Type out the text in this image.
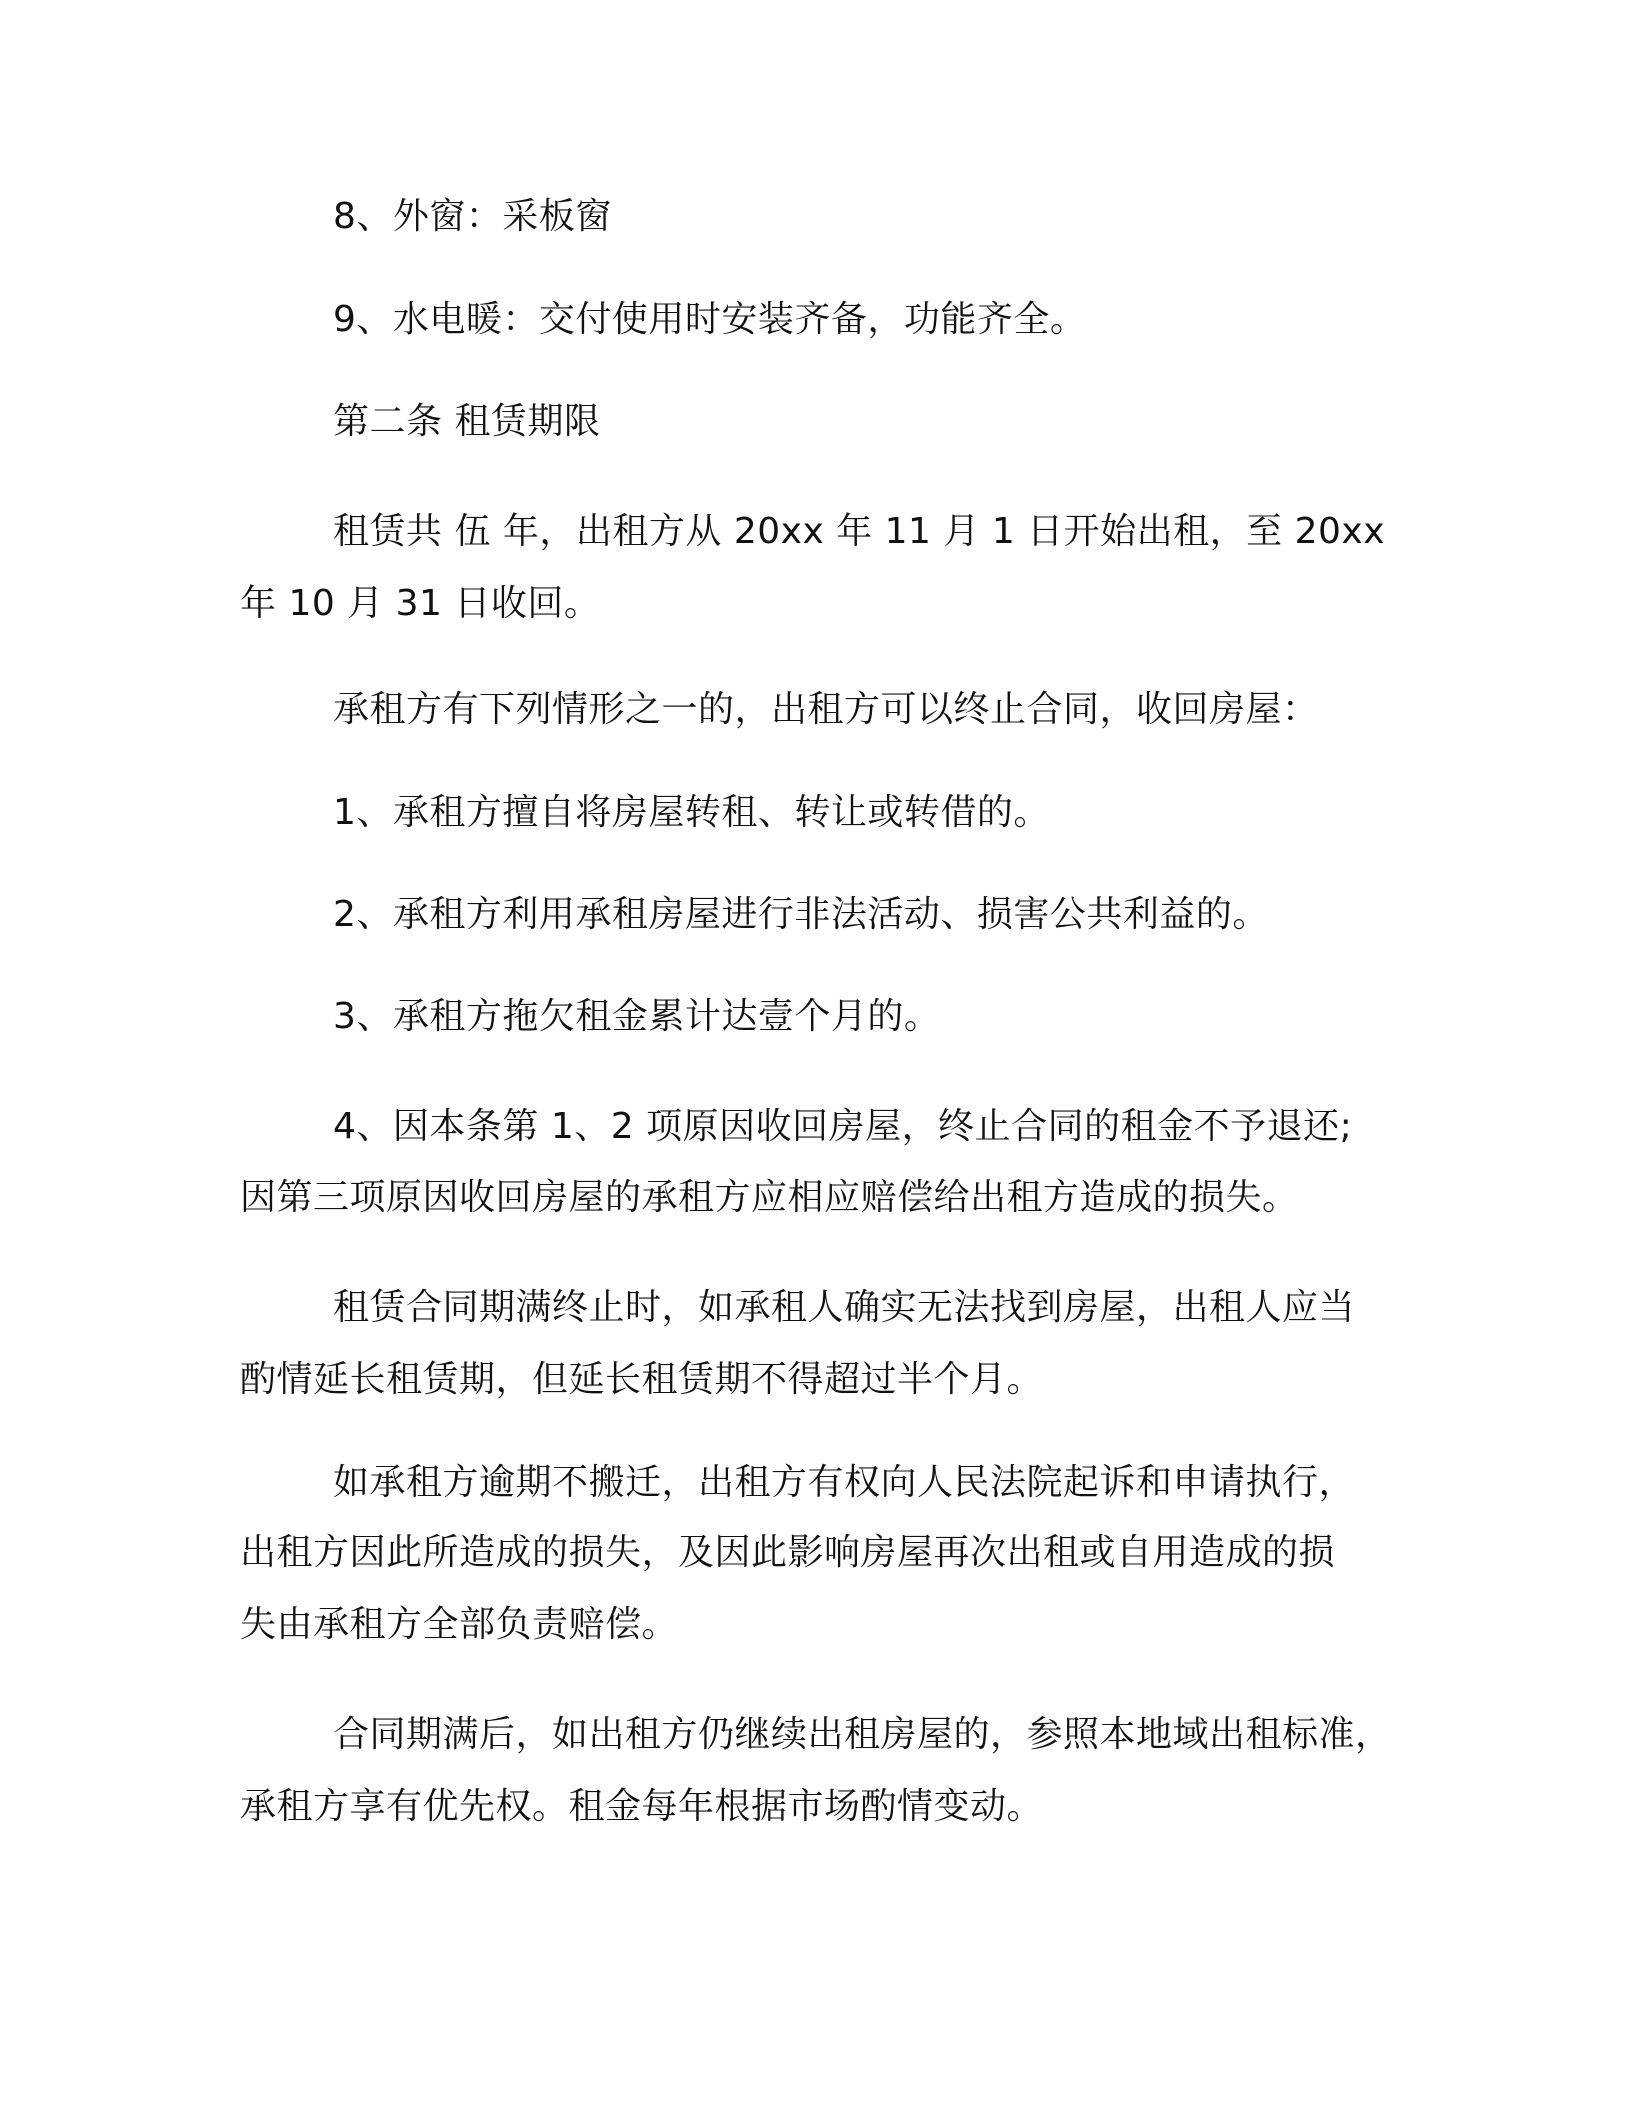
8、外窗：采板窗
9、水电暖：交付使用时安装齐备，功能齐全。
第二条 租赁期限
租赁共 伍 年，出租方从 20xx 年 11 月 1 日开始出租，至 20xx
年 10 月 31 日收回。
承租方有下列情形之一的，出租方可以终止合同，收回房屋：
1、承租方擅自将房屋转租、转让或转借的。
2、承租方利用承租房屋进行非法活动、损害公共利益的。
3、承租方拖欠租金累计达壹个月的。
4、因本条第 1、2 项原因收回房屋，终止合同的租金不予退还;
因第三项原因收回房屋的承租方应相应赔偿给出租方造成的损失。
租赁合同期满终止时，如承租人确实无法找到房屋，出租人应当
酌情延长租赁期，但延长租赁期不得超过半个月。
如承租方逾期不搬迁，出租方有权向人民法院起诉和申请执行，
出租方因此所造成的损失，及因此影响房屋再次出租或自用造成的损
失由承租方全部负责赔偿。
合同期满后，如出租方仍继续出租房屋的，参照本地域出租标准，
承租方享有优先权。租金每年根据市场酌情变动。
